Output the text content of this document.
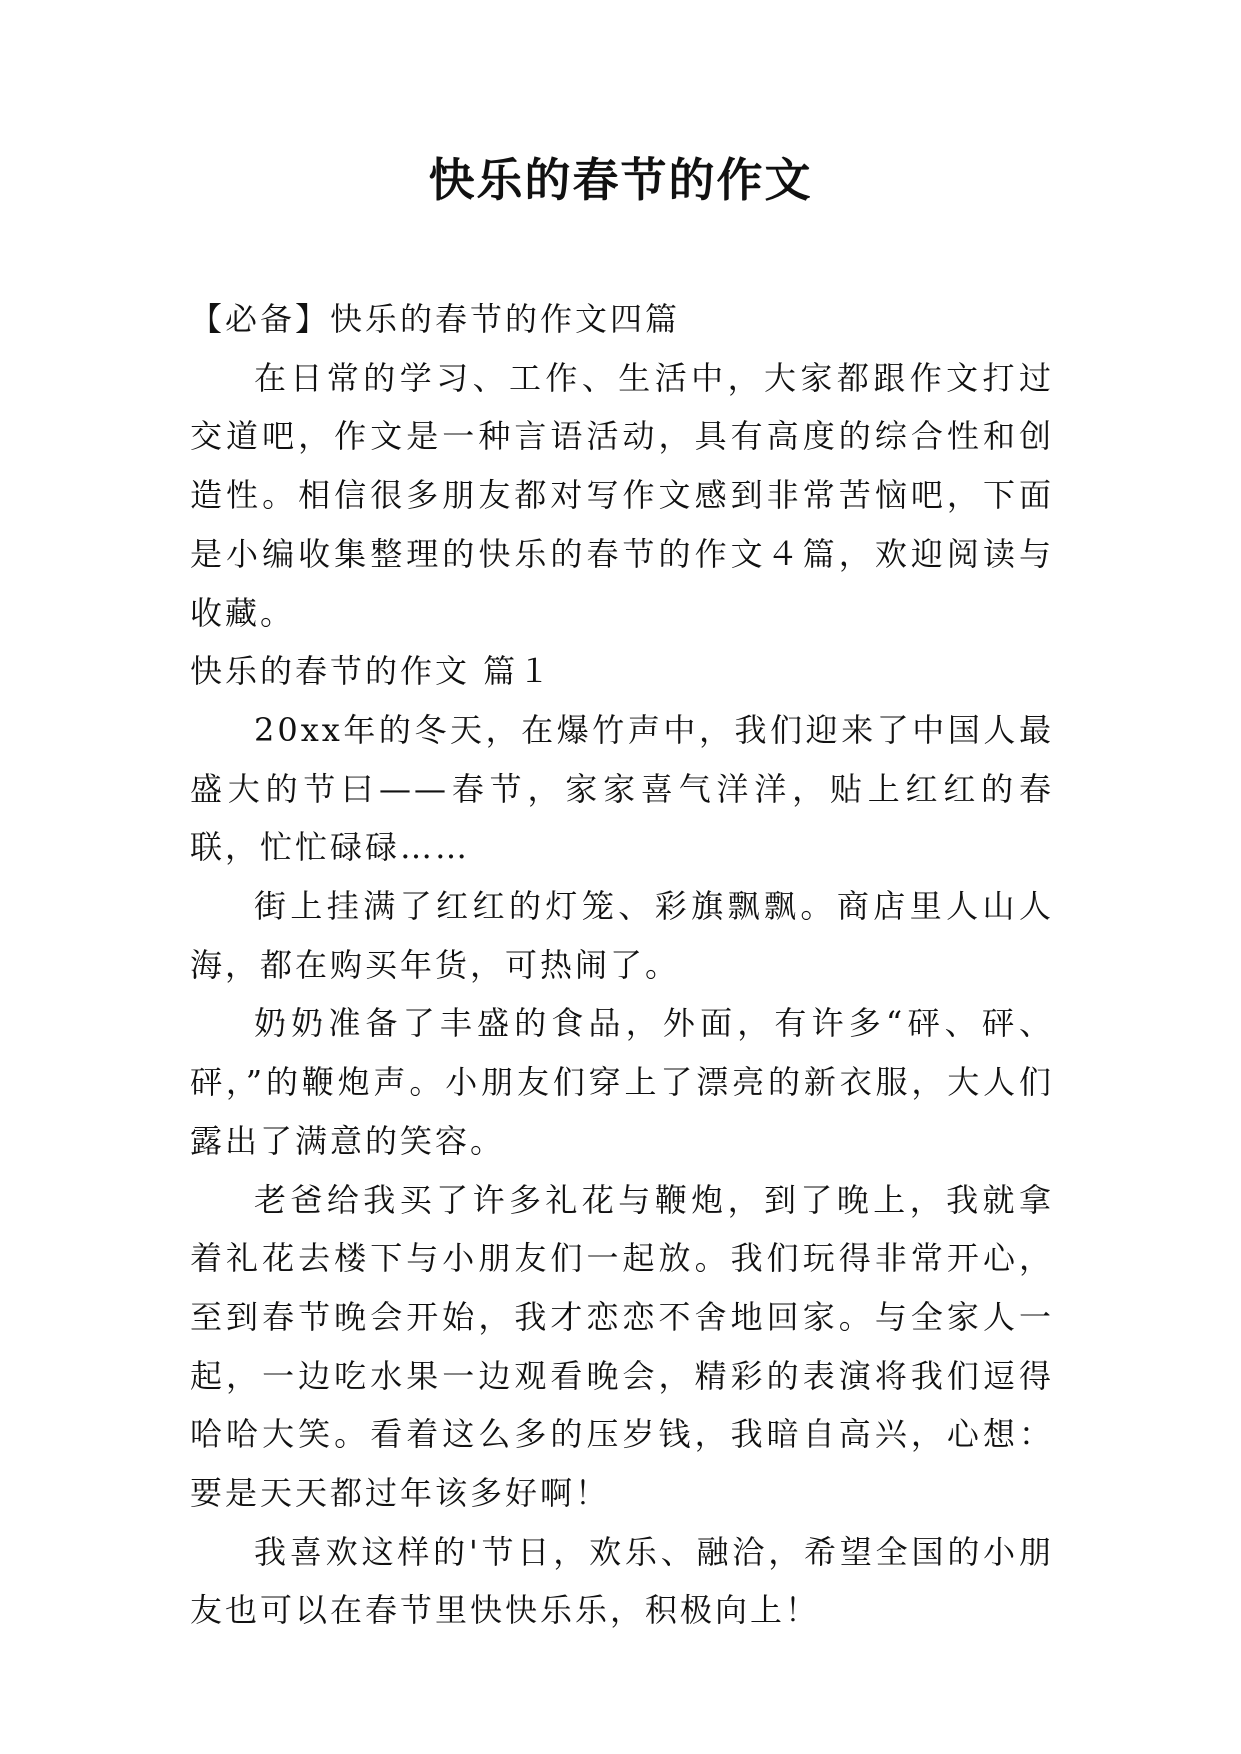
快乐的春节的作文

【必备】快乐的春节的作文四篇

在日常的学习、工作、生活中，大家都跟作文打过交道吧，作文是一种言语活动，具有高度的综合性和创造性。相信很多朋友都对写作文感到非常苦恼吧，下面是小编收集整理的快乐的春节的作文４篇，欢迎阅读与收藏。

快乐的春节的作文 篇１

20xx年的冬天，在爆竹声中，我们迎来了中国人最盛大的节曰——春节，家家喜气洋洋，贴上红红的春联，忙忙碌碌……

街上挂满了红红的灯笼、彩旗飘飘。商店里人山人海，都在购买年货，可热闹了。

奶奶准备了丰盛的食品，外面，有许多“砰、砰、砰，”的鞭炮声。小朋友们穿上了漂亮的新衣服，大人们露出了满意的笑容。

老爸给我买了许多礼花与鞭炮，到了晚上，我就拿着礼花去楼下与小朋友们一起放。我们玩得非常开心，至到春节晚会开始，我才恋恋不舍地回家。与全家人一起，一边吃水果一边观看晚会，精彩的表演将我们逗得哈哈大笑。看着这么多的压岁钱，我暗自高兴，心想：要是天天都过年该多好啊！

我喜欢这样的'节日，欢乐、融洽，希望全国的小朋友也可以在春节里快快乐乐，积极向上！
